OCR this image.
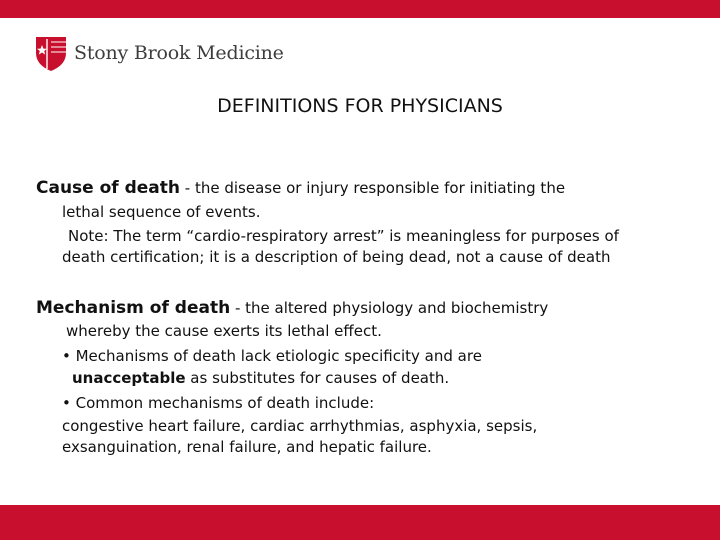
Stony Brook Medicine
DEFINITIONS FOR PHYSICIANS
Cause of death - the disease or injury responsible for initiating the
lethal sequence of events.
Note: The term “cardio-respiratory arrest” is meaningless for purposes of
death certification; it is a description of being dead, not a cause of death
Mechanism of death - the altered physiology and biochemistry
whereby the cause exerts its lethal effect.
• Mechanisms of death lack etiologic specificity and are
unacceptable as substitutes for causes of death.
• Common mechanisms of death include:
congestive heart failure, cardiac arrhythmias, asphyxia, sepsis,
exsanguination, renal failure, and hepatic failure.
